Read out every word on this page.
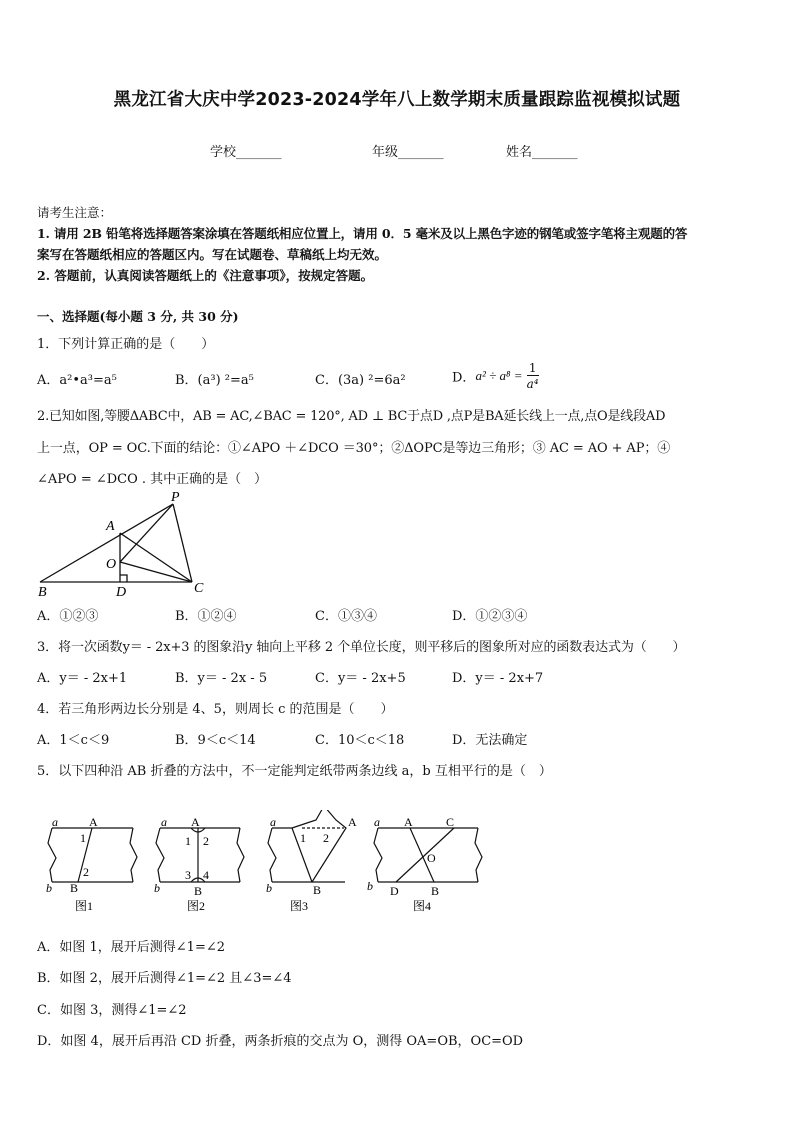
黑龙江省大庆中学2023-2024学年八上数学期末质量跟踪监视模拟试题
学校_______	年级_______	姓名_______
请考生注意：
1. 请用 2B 铅笔将选择题答案涂填在答题纸相应位置上，请用 0．5 毫米及以上黑色字迹的钢笔或签字笔将主观题的答
案写在答题纸相应的答题区内。写在试题卷、草稿纸上均无效。
2. 答题前，认真阅读答题纸上的《注意事项》，按规定答题。
一、选择题(每小题 3 分, 共 30 分)
1．下列计算正确的是（　　）
A．a²•a³=a⁵	B．(a³) ²=a⁵	C．(3a) ²=6a²	D．$a^2 \div a^8 = \frac{1}{\text{a⁴}}$
2.已知如图,等腰ΔABC中，AB = AC,∠BAC = 120°, AD ⊥ BC于点D ,点P是BA延长线上一点,点O是线段AD
上一点，OP = OC.下面的结论：①∠APO ＋∠DCO ＝30°；②ΔOPC是等边三角形；③ AC = AO + AP；④
∠APO = ∠DCO . 其中正确的是（　）
P
A
O
B	D	C
A．①②③	B．①②④	C．①③④	D．①②③④
3．将一次函数y＝ - 2x+3 的图象沿y 轴向上平移 2 个单位长度，则平移后的图象所对应的函数表达式为（　　）
A．y＝ - 2x+1	B．y＝ - 2x - 5	C．y＝ - 2x+5	D．y＝ - 2x+7
4．若三角形两边长分别是 4、5，则周长 c 的范围是（　　）
A．1＜c＜9	B．9＜c＜14	C．10＜c＜18	D．无法确定
5．以下四种沿 AB 折叠的方法中，不一定能判定纸带两条边线 a，b 互相平行的是（　）
a	A
1
2
b B
a A
1 2
3 4
b	B
a	A
1 2
b	B
a A	C
O
b D	B
图1	图2	图3	图4
A．如图 1，展开后测得∠1=∠2
B．如图 2，展开后测得∠1=∠2 且∠3=∠4
C．如图 3，测得∠1=∠2
D．如图 4，展开后再沿 CD 折叠，两条折痕的交点为 O，测得 OA=OB，OC=OD
